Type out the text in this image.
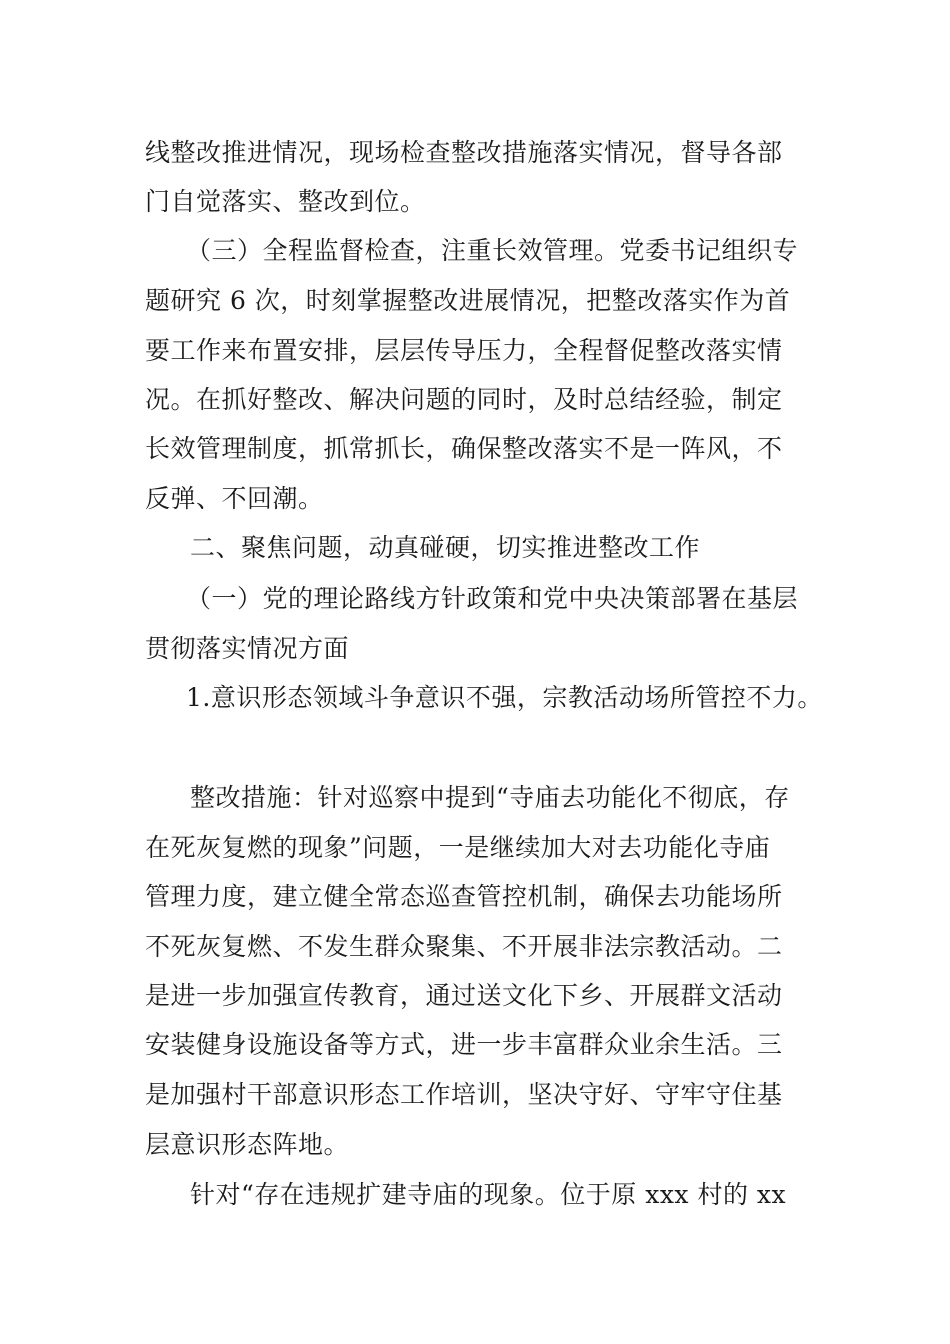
线整改推进情况，现场检查整改措施落实情况，督导各部
门自觉落实、整改到位。
（三）全程监督检查，注重长效管理。党委书记组织专
题研究 6 次，时刻掌握整改进展情况，把整改落实作为首
要工作来布置安排，层层传导压力，全程督促整改落实情
况。在抓好整改、解决问题的同时，及时总结经验，制定
长效管理制度，抓常抓长，确保整改落实不是一阵风，不
反弹、不回潮。
二、聚焦问题，动真碰硬，切实推进整改工作
（一）党的理论路线方针政策和党中央决策部署在基层
贯彻落实情况方面
1.意识形态领域斗争意识不强，宗教活动场所管控不力。
整改措施：针对巡察中提到“寺庙去功能化不彻底，存
在死灰复燃的现象”问题，一是继续加大对去功能化寺庙
管理力度，建立健全常态巡查管控机制，确保去功能场所
不死灰复燃、不发生群众聚集、不开展非法宗教活动。二
是进一步加强宣传教育，通过送文化下乡、开展群文活动
安装健身设施设备等方式，进一步丰富群众业余生活。三
是加强村干部意识形态工作培训，坚决守好、守牢守住基
层意识形态阵地。
针对“存在违规扩建寺庙的现象。位于原 xxx 村的 xx
